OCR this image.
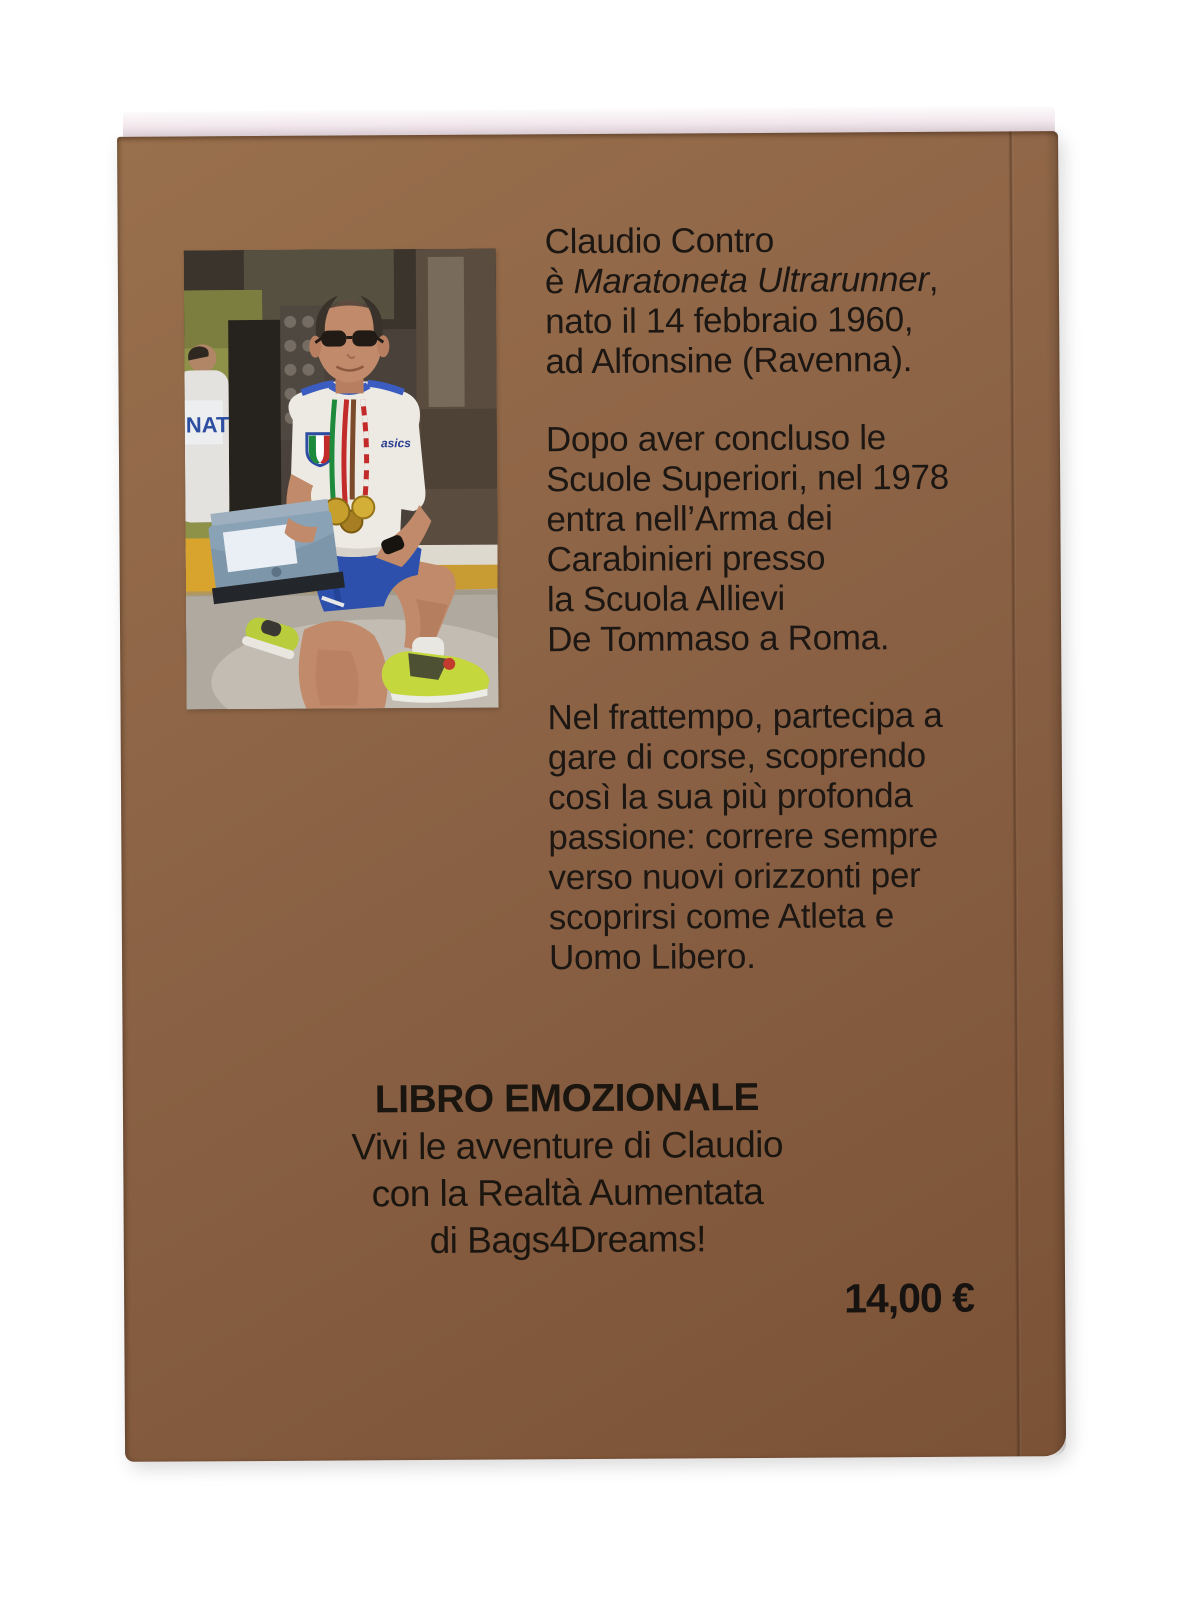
NAT
asics

Claudio Contro
è Maratoneta Ultrarunner,
nato il 14 febbraio 1960,
ad Alfonsine (Ravenna).

Dopo aver concluso le
Scuole Superiori, nel 1978
entra nell’Arma dei
Carabinieri presso
la Scuola Allievi
De Tommaso a Roma.

Nel frattempo, partecipa a
gare di corse, scoprendo
così la sua più profonda
passione: correre sempre
verso nuovi orizzonti per
scoprirsi come Atleta e
Uomo Libero.

LIBRO EMOZIONALE
Vivi le avventure di Claudio
con la Realtà Aumentata
di Bags4Dreams!
14,00 €
